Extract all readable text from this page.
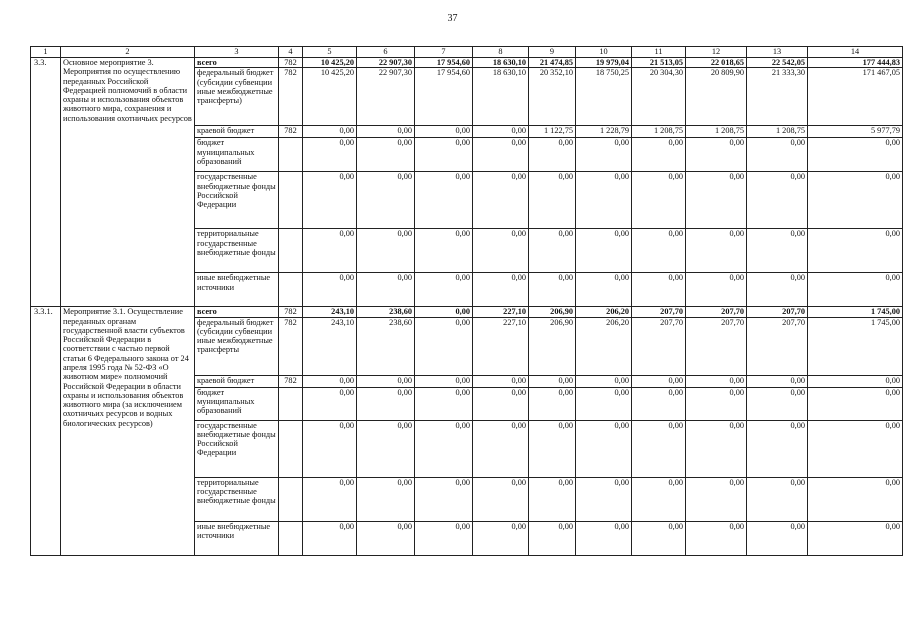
37
1	2	3	4	5	6	7	8	9	10	11	12	13	14
3.3.	Основное мероприятие 3. Мероприятия по осуществлению переданных Российской Федерацией полномочий в области охраны и использования объектов животного мира, сохранения и использования охотничьих ресурсов	всего	782	10 425,20	22 907,30	17 954,60	18 630,10	21 474,85	19 979,04	21 513,05	22 018,65	22 542,05	177 444,83
		федеральный бюджет (субсидии субвенции иные межбюджетные трансферты)	782	10 425,20	22 907,30	17 954,60	18 630,10	20 352,10	18 750,25	20 304,30	20 809,90	21 333,30	171 467,05
		краевой бюджет	782	0,00	0,00	0,00	0,00	1 122,75	1 228,79	1 208,75	1 208,75	1 208,75	5 977,79
		бюджет муниципальных образований		0,00	0,00	0,00	0,00	0,00	0,00	0,00	0,00	0,00	0,00
		государственные внебюджетные фонды Российской Федерации		0,00	0,00	0,00	0,00	0,00	0,00	0,00	0,00	0,00	0,00
		территориальные государственные внебюджетные фонды		0,00	0,00	0,00	0,00	0,00	0,00	0,00	0,00	0,00	0,00
		иные внебюджетные источники		0,00	0,00	0,00	0,00	0,00	0,00	0,00	0,00	0,00	0,00
3.3.1.	Мероприятие 3.1. Осуществление переданных органам государственной власти субъектов Российской Федерации в соответствии с частью первой статьи 6 Федерального закона от 24 апреля 1995 года № 52-ФЗ «О животном мире» полномочий Российской Федерации в области охраны и использования объектов животного мира (за исключением охотничьих ресурсов и водных биологических ресурсов)	всего	782	243,10	238,60	0,00	227,10	206,90	206,20	207,70	207,70	207,70	1 745,00
		федеральный бюджет (субсидии субвенции иные межбюджетные трансферты	782	243,10	238,60	0,00	227,10	206,90	206,20	207,70	207,70	207,70	1 745,00
		краевой бюджет	782	0,00	0,00	0,00	0,00	0,00	0,00	0,00	0,00	0,00	0,00
		бюджет муниципальных образований		0,00	0,00	0,00	0,00	0,00	0,00	0,00	0,00	0,00	0,00
		государственные внебюджетные фонды Российской Федерации		0,00	0,00	0,00	0,00	0,00	0,00	0,00	0,00	0,00	0,00
		территориальные государственные внебюджетные фонды		0,00	0,00	0,00	0,00	0,00	0,00	0,00	0,00	0,00	0,00
		иные внебюджетные источники		0,00	0,00	0,00	0,00	0,00	0,00	0,00	0,00	0,00	0,00
